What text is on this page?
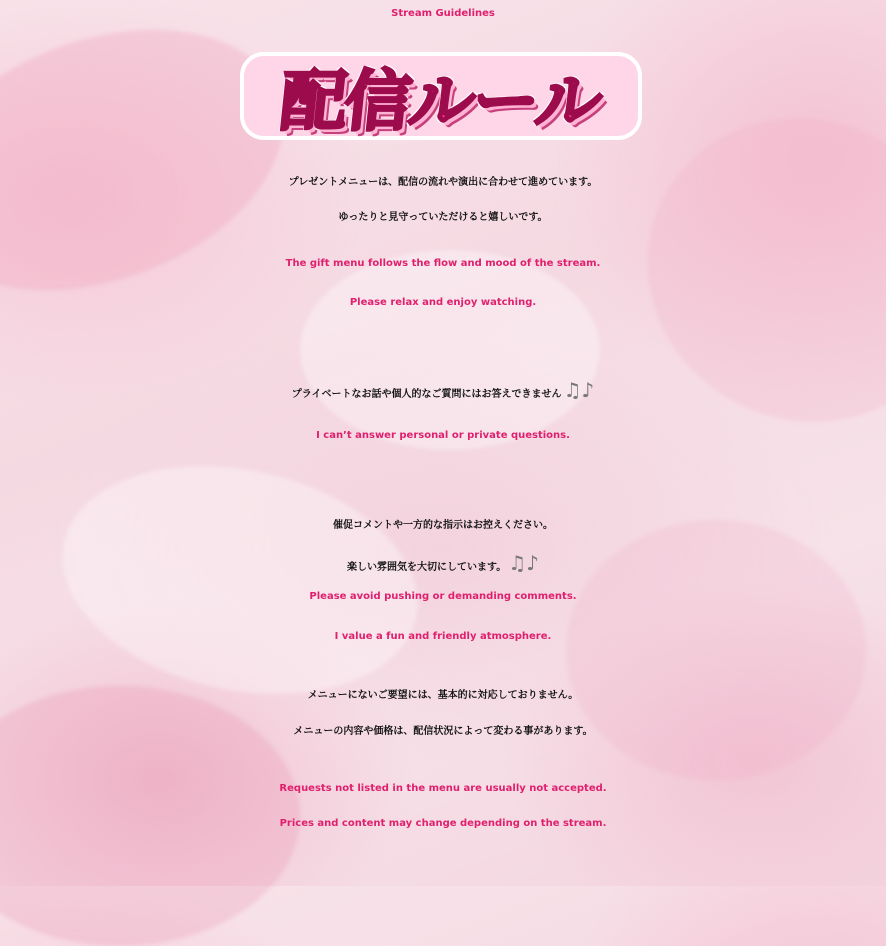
Stream Guidelines
配信ルール
プレゼントメニューは、配信の流れや演出に合わせて進めています。
ゆったりと見守っていただけると嬉しいです。
The gift menu follows the flow and mood of the stream.
Please relax and enjoy watching.
プライベートなお話や個人的なご質問にはお答えできません ♫♪
I can’t answer personal or private questions.
催促コメントや一方的な指示はお控えください。
楽しい雰囲気を大切にしています。♫♪
Please avoid pushing or demanding comments.
I value a fun and friendly atmosphere.
メニューにないご要望には、基本的に対応しておりません。
メニューの内容や価格は、配信状況によって変わる事があります。
Requests not listed in the menu are usually not accepted.
Prices and content may change depending on the stream.
